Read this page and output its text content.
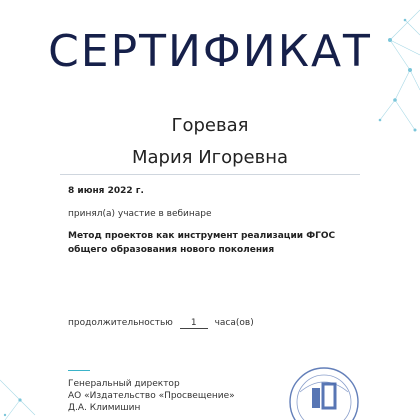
СЕРТИФИКАТ
Горевая
Мария Игоревна
8 июня 2022 г.
принял(а) участие в вебинаре
Метод проектов как инструмент реализации ФГОС
общего образования нового поколения
продолжительностью 1 часа(ов)
Генеральный директор
АО «Издательство «Просвещение»
Д.А. Климишин
